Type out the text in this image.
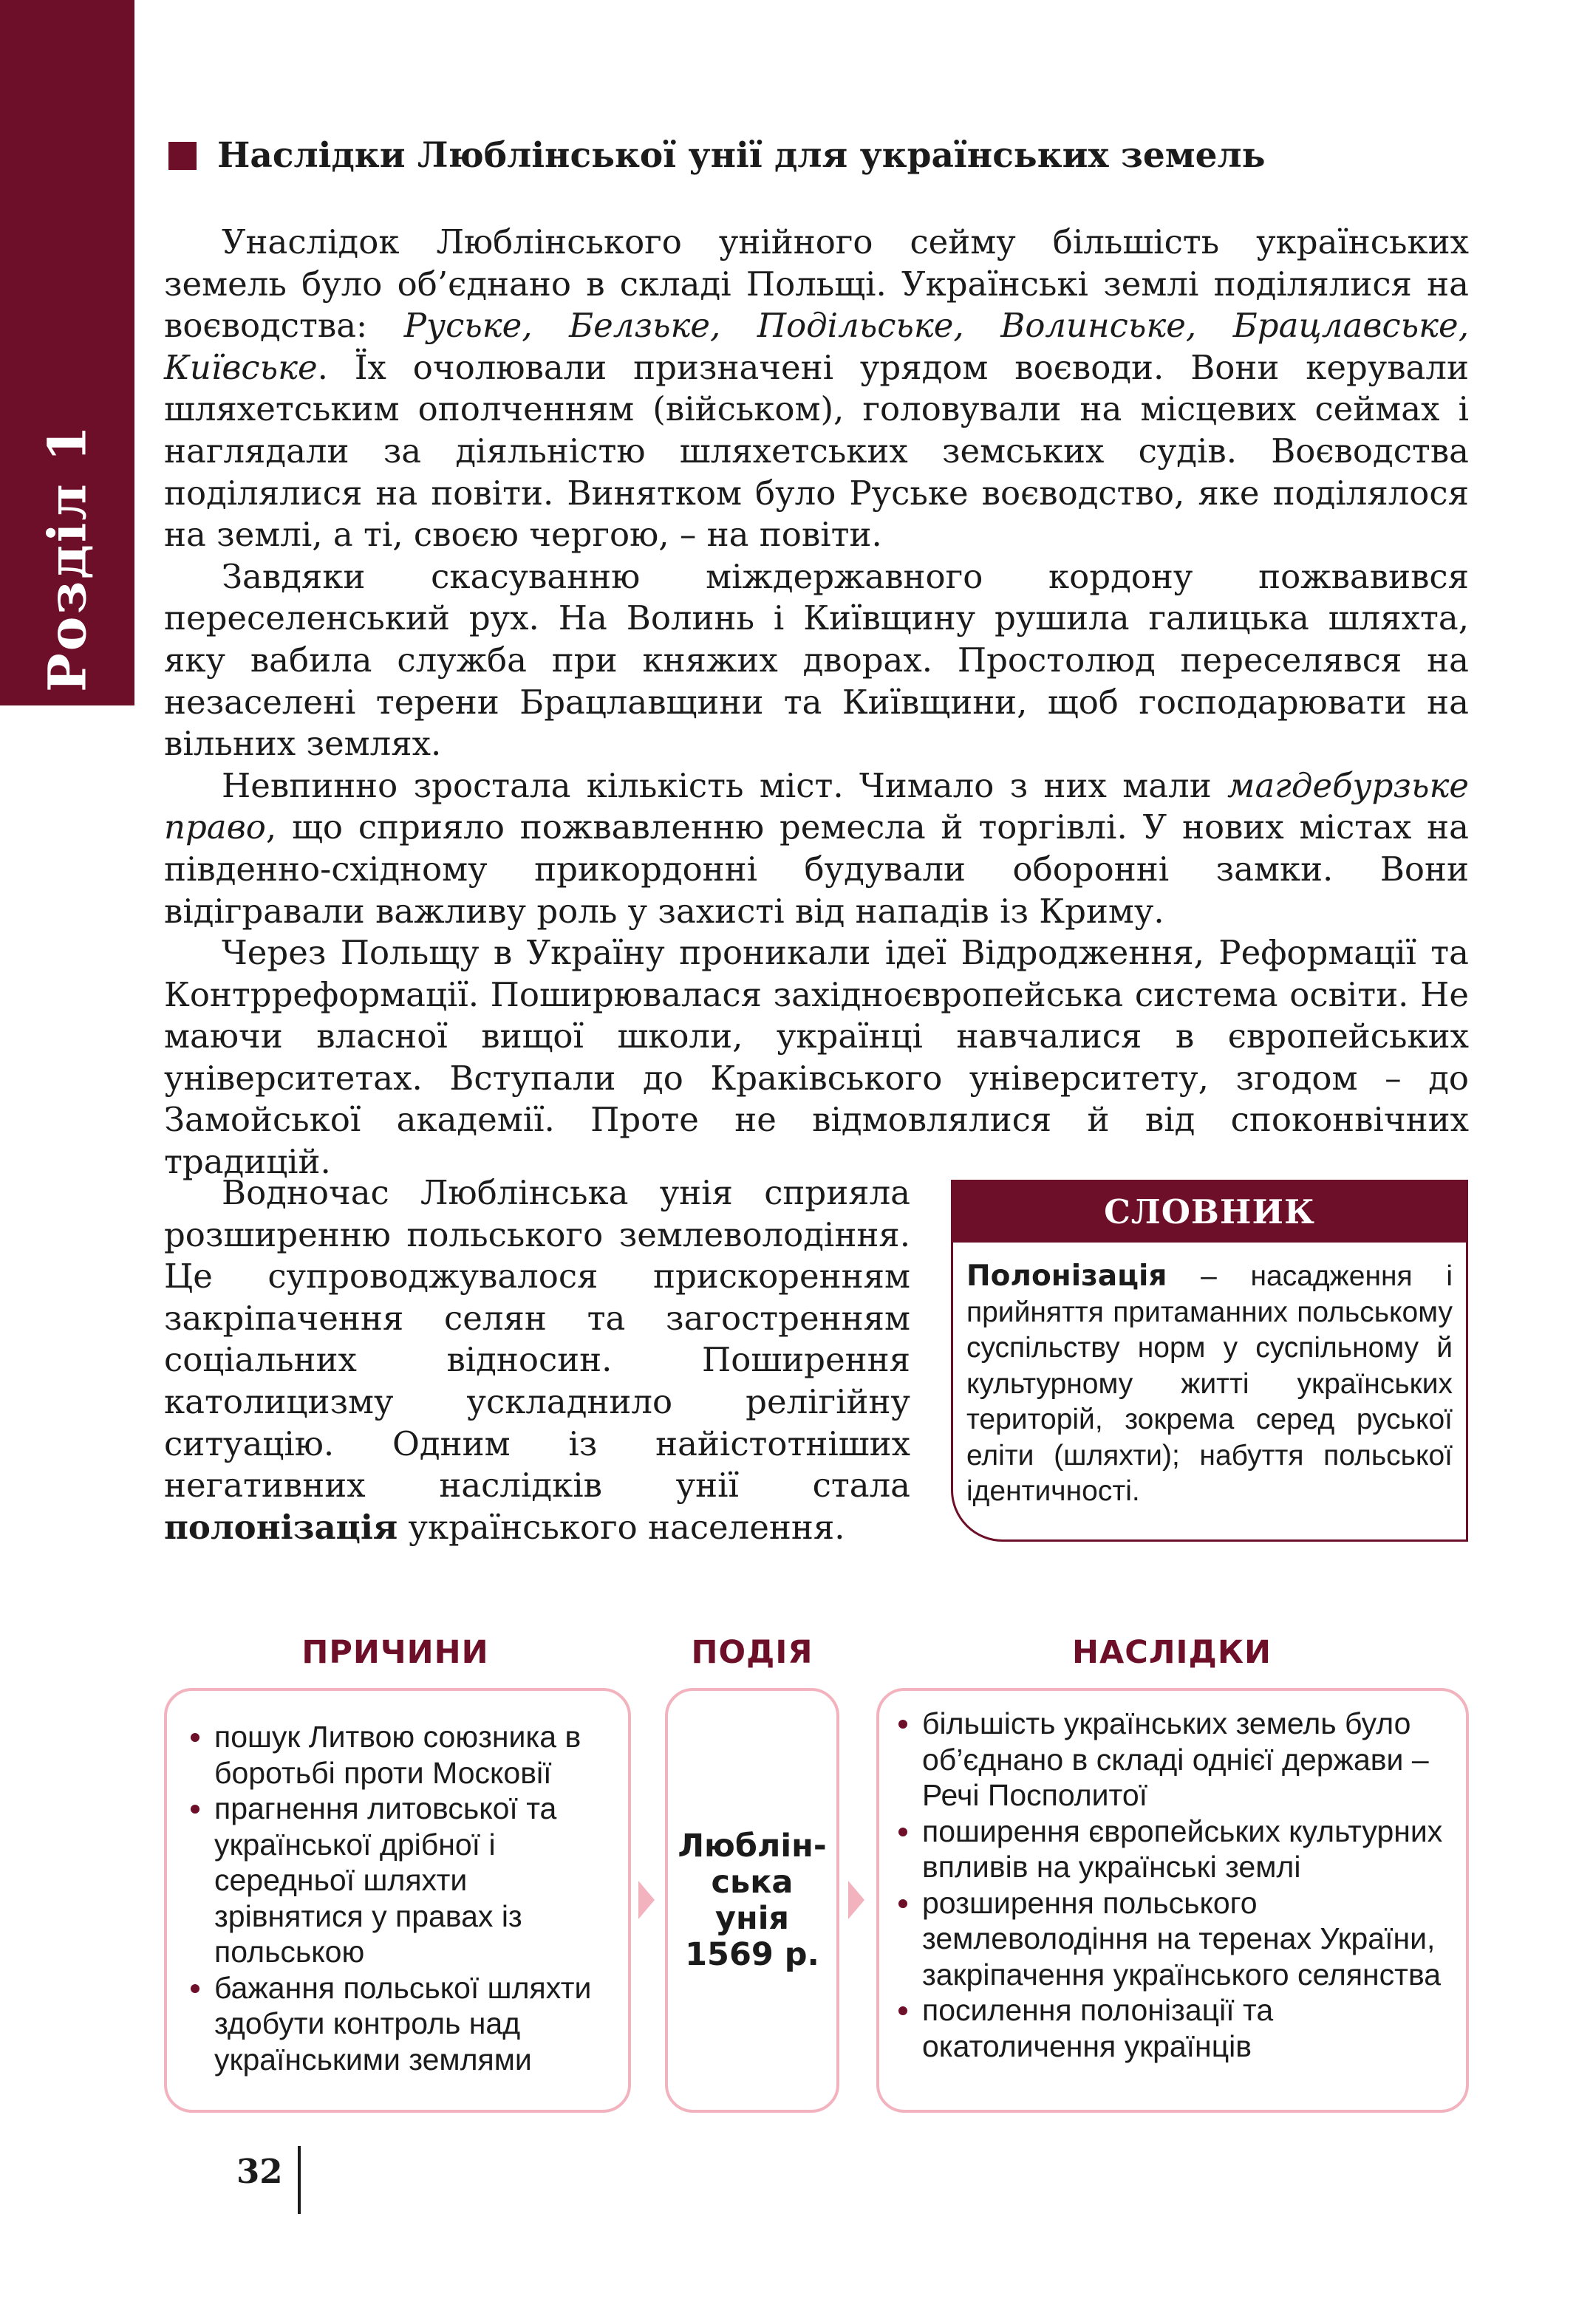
Розділ 1
Наслідки Люблінської унії для українських земель

Унаслідок Люблінського унійного сейму більшість українських земель було об’єднано в складі Польщі. Українські землі поділялися на воєводства: Руське, Белзьке, Подільське, Волинське, Брацлавське, Київське. Їх очолювали призначені урядом воєводи. Вони керували шляхетським ополченням (військом), головували на місцевих сеймах і наглядали за діяльністю шляхетських земських судів. Воєводства поділялися на повіти. Винятком було Руське воєводство, яке поділялося на землі, а ті, своєю чергою, – на повіти.

Завдяки скасуванню міждержавного кордону пожвавився переселенський рух. На Волинь і Київщину рушила галицька шляхта, яку вабила служба при княжих дворах. Простолюд переселявся на незаселені терени Брацлавщини та Київщини, щоб господарювати на вільних землях.

Невпинно зростала кількість міст. Чимало з них мали магдебурзьке право, що сприяло пожвавленню ремесла й торгівлі. У нових містах на південно-східному прикордонні будували оборонні замки. Вони відігравали важливу роль у захисті від нападів із Криму.

Через Польщу в Україну проникали ідеї Відродження, Реформації та Контрреформації. Поширювалася західноєвропейська система освіти. Не маючи власної вищої школи, українці навчалися в європейських університетах. Вступали до Краківського університету, згодом – до Замойської академії. Проте не відмовлялися й від споконвічних традицій.

Водночас Люблінська унія сприяла розширенню польського землеволодіння. Це супроводжувалося прискоренням закріпачення селян та загостренням соціальних відносин. Поширення католицизму ускладнило релігійну ситуацію. Одним із найістотніших негативних наслідків унії стала полонізація українського населення.

СЛОВНИК
Полонізація – насадження і прийняття притаманних польському суспільству норм у суспільному й культурному житті українських територій, зокрема серед руської еліти (шляхти); набуття польської ідентичності.
ПРИЧИНИ	ПОДІЯ	НАСЛІДКИ
пошук Литвою союзника в боротьбі проти Московії
прагнення литовської та української дрібної і середньої шляхти зрівнятися у правах із польською
бажання польської шляхти здобути контроль над українськими землями
Люблін-
ська
унія
1569 р.
більшість українських земель було об’єднано в складі однієї держави – Речі Посполитої
поширення європейських культурних впливів на українські землі
розширення польського землеволодіння на теренах України, закріпачення українського селянства
посилення полонізації та окатоличення українців
32
